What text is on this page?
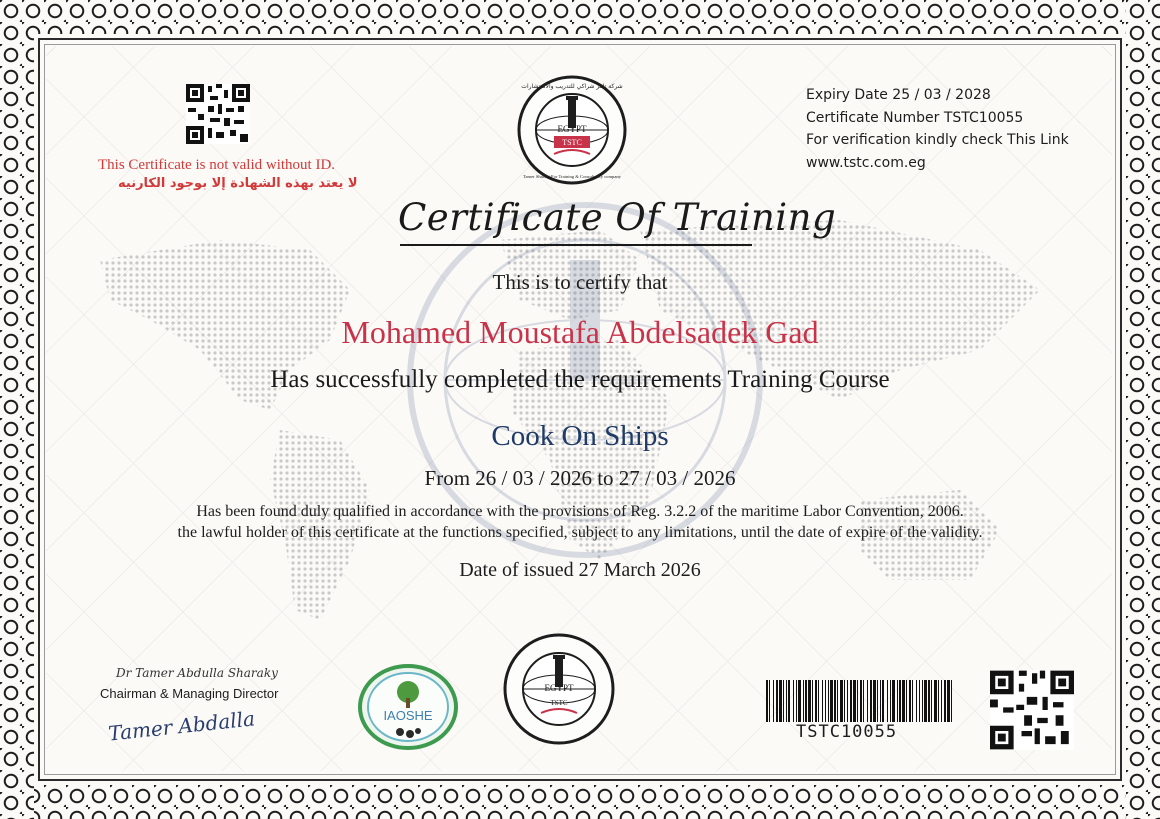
This Certificate is not valid without ID.
لا يعتد بهذه الشهادة إلا بوجود الكارنيه
EGYPT
TSTC
شركة تامر شراكي للتدريب والاستشارات
Tamer Sharaki For Training & Consultancy company
Expiry Date 25 / 03 / 2028
Certificate Number TSTC10055
For verification kindly check This Link
www.tstc.com.eg
Certificate Of Training
This is to certify that
Mohamed Moustafa Abdelsadek Gad
Has successfully completed the requirements Training Course
Cook On Ships
From 26 / 03 / 2026 to 27 / 03 / 2026
Has been found duly qualified in accordance with the provisions of Reg. 3.2.2 of the maritime Labor Convention, 2006.
the lawful holder of this certificate at the functions specified, subject to any limitations, until the date of expire of the validity.
Date of issued 27 March 2026
Dr Tamer Abdulla Sharaky
Chairman & Managing Director
Tamer Abdalla	IAOSHE
EGYPT
TSTC
TSTC10055
